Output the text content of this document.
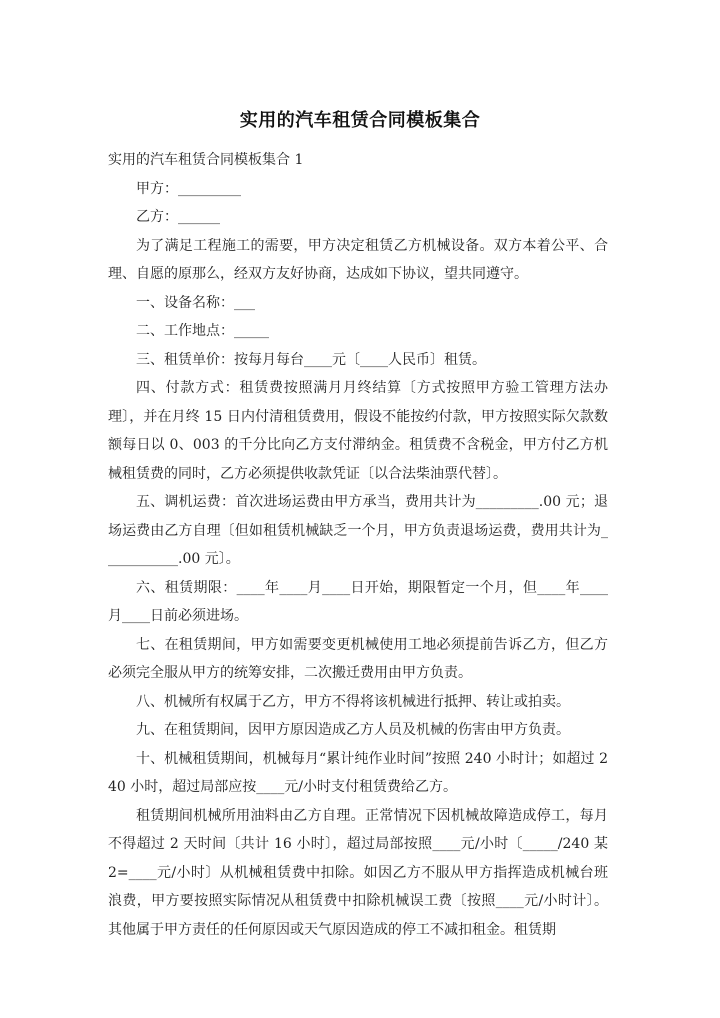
实用的汽车租赁合同模板集合

实用的汽车租赁合同模板集合 1

甲方：_________

乙方：______

为了满足工程施工的需要，甲方决定租赁乙方机械设备。双方本着公平、合理、自愿的原那么，经双方友好协商，达成如下协议，望共同遵守。

一、设备名称：___

二、工作地点：_____

三、租赁单价：按每月每台____元〔____人民币〕租赁。

四、付款方式：租赁费按照满月月终结算〔方式按照甲方验工管理方法办理〕，并在月终 15 日内付清租赁费用，假设不能按约付款，甲方按照实际欠款数额每日以 0、003 的千分比向乙方支付滞纳金。租赁费不含税金，甲方付乙方机械租赁费的同时，乙方必须提供收款凭证〔以合法柴油票代替〕。

五、调机运费：首次进场运费由甲方承当，费用共计为_________.00 元；退场运费由乙方自理〔但如租赁机械缺乏一个月，甲方负责退场运费，费用共计为___________.00 元〕。

六、租赁期限：____年____月____日开始，期限暂定一个月，但____年____月____日前必须进场。

七、在租赁期间，甲方如需要变更机械使用工地必须提前告诉乙方，但乙方必须完全服从甲方的统筹安排，二次搬迁费用由甲方负责。

八、机械所有权属于乙方，甲方不得将该机械进行抵押、转让或拍卖。

九、在租赁期间，因甲方原因造成乙方人员及机械的伤害由甲方负责。

十、机械租赁期间，机械每月“累计纯作业时间”按照 240 小时计；如超过 240 小时，超过局部应按____元/小时支付租赁费给乙方。

租赁期间机械所用油料由乙方自理。正常情况下因机械故障造成停工，每月不得超过 2 天时间〔共计 16 小时〕，超过局部按照____元/小时〔_____/240 某 2=____元/小时〕从机械租赁费中扣除。如因乙方不服从甲方指挥造成机械台班浪费，甲方要按照实际情况从租赁费中扣除机械误工费〔按照____元/小时计〕。其他属于甲方责任的任何原因或天气原因造成的停工不减扣租金。租赁期
